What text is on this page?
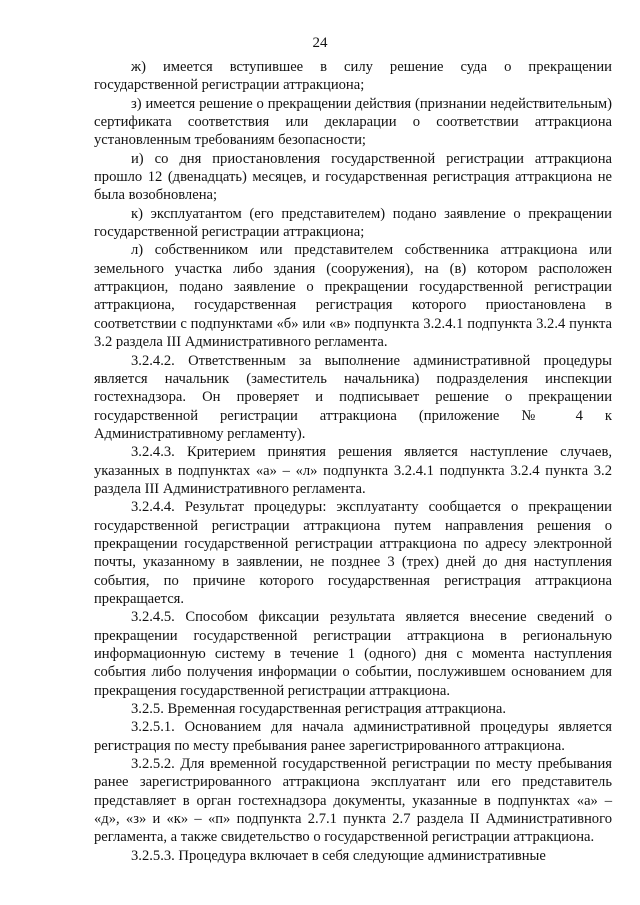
24

ж) имеется вступившее в силу решение суда о прекращении государственной регистрации аттракциона;

з) имеется решение о прекращении действия (признании недействительным) сертификата соответствия или декларации о соответствии аттракциона установленным требованиям безопасности;

и) со дня приостановления государственной регистрации аттракциона прошло 12 (двенадцать) месяцев, и государственная регистрация аттракциона не была возобновлена;

к) эксплуатантом (его представителем) подано заявление о прекращении государственной регистрации аттракциона;

л) собственником или представителем собственника аттракциона или земельного участка либо здания (сооружения), на (в) котором расположен аттракцион, подано заявление о прекращении государственной регистрации аттракциона, государственная регистрация которого приостановлена в соответствии с подпунктами «б» или «в» подпункта 3.2.4.1 подпункта 3.2.4 пункта 3.2 раздела III Административного регламента.

3.2.4.2. Ответственным за выполнение административной процедуры является начальник (заместитель начальника) подразделения инспекции гостехнадзора. Он проверяет и подписывает решение о прекращении государственной регистрации аттракциона (приложение № 4 к Административному регламенту).

3.2.4.3. Критерием принятия решения является наступление случаев, указанных в подпунктах «а» – «л» подпункта 3.2.4.1 подпункта 3.2.4 пункта 3.2 раздела III Административного регламента.

3.2.4.4. Результат процедуры: эксплуатанту сообщается о прекращении государственной регистрации аттракциона путем направления решения о прекращении государственной регистрации аттракциона по адресу электронной почты, указанному в заявлении, не позднее 3 (трех) дней до дня наступления события, по причине которого государственная регистрация аттракциона прекращается.

3.2.4.5. Способом фиксации результата является внесение сведений о прекращении государственной регистрации аттракциона в региональную информационную систему в течение 1 (одного) дня с момента наступления события либо получения информации о событии, послужившем основанием для прекращения государственной регистрации аттракциона.

3.2.5. Временная государственная регистрация аттракциона.

3.2.5.1. Основанием для начала административной процедуры является регистрация по месту пребывания ранее зарегистрированного аттракциона.

3.2.5.2. Для временной государственной регистрации по месту пребывания ранее зарегистрированного аттракциона эксплуатант или его представитель представляет в орган гостехнадзора документы, указанные в подпунктах «а» – «д», «з» и «к» – «п» подпункта 2.7.1 пункта 2.7 раздела II Административного регламента, а также свидетельство о государственной регистрации аттракциона.

3.2.5.3. Процедура включает в себя следующие административные
